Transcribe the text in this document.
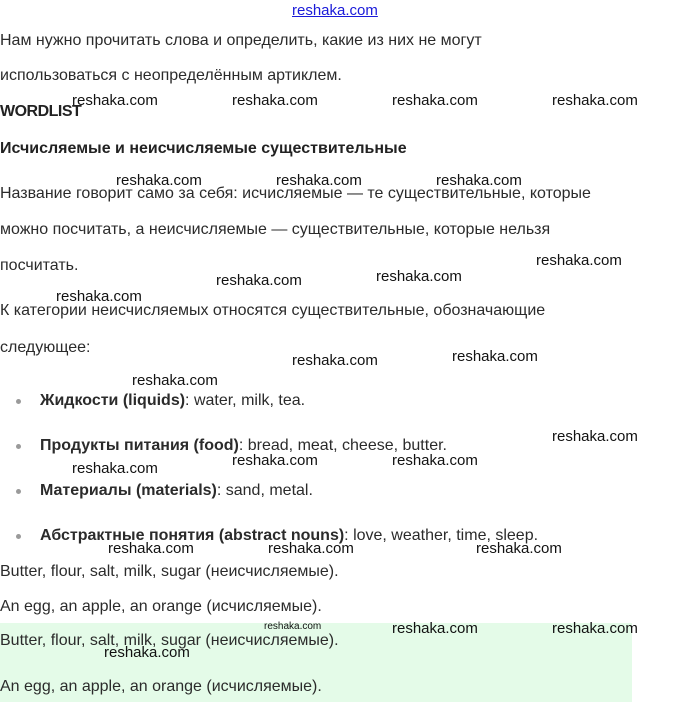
reshaka.com
Нам нужно прочитать слова и определить, какие из них не могут
использоваться с неопределённым артиклем.
WORDLIST
Исчисляемые и неисчисляемые существительные
Название говорит само за себя: исчисляемые — те существительные, которые
можно посчитать, а неисчисляемые — существительные, которые нельзя
посчитать.
К категории неисчисляемых относятся существительные, обозначающие
следующее:
Жидкости (liquids): water, milk, tea.
Продукты питания (food): bread, meat, cheese, butter.
Материалы (materials): sand, metal.
Абстрактные понятия (abstract nouns): love, weather, time, sleep.
Butter, flour, salt, milk, sugar (неисчисляемые).
An egg, an apple, an orange (исчисляемые).
Butter, flour, salt, milk, sugar (неисчисляемые).
An egg, an apple, an orange (исчисляемые).
reshaka.com	reshaka.com	reshaka.com	reshaka.com
reshaka.com	reshaka.com	reshaka.com
reshaka.com
reshaka.com	reshaka.com
reshaka.com
reshaka.com	reshaka.com
reshaka.com
reshaka.com
reshaka.com	reshaka.com
reshaka.com
reshaka.com	reshaka.com	reshaka.com
reshaka.com	reshaka.com	reshaka.com
reshaka.com
